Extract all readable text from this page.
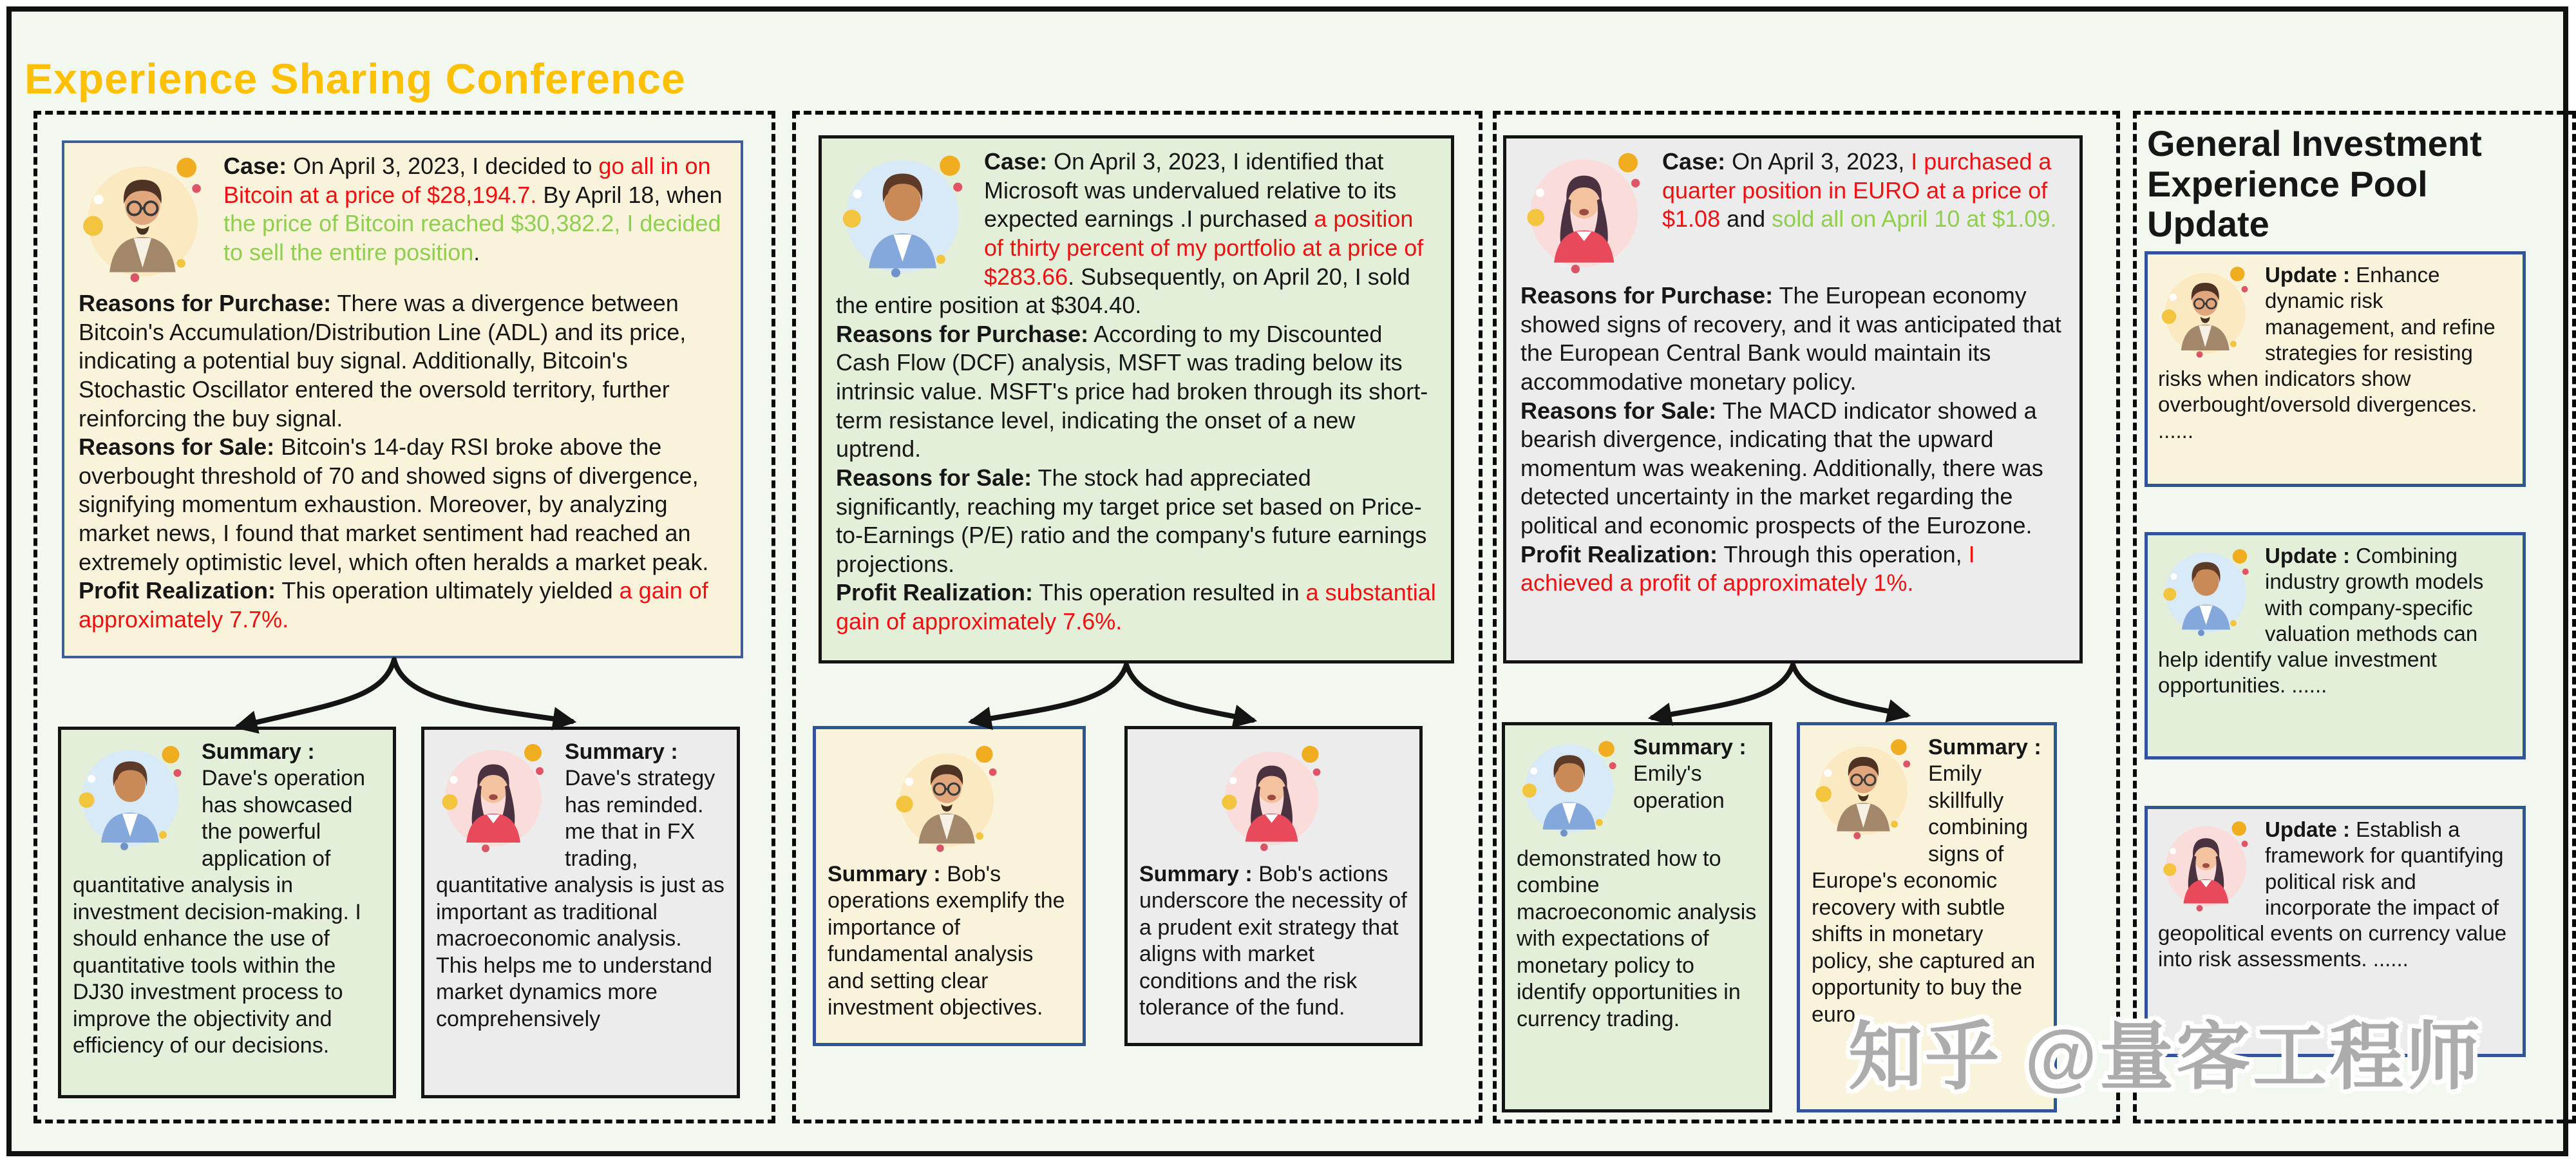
Experience Sharing Conference

Case: On April 3, 2023, I decided to go all in on Bitcoin at a price of $28,194.7. By April 18, when the price of Bitcoin reached $30,382.2, I decided to sell the entire position.

Reasons for Purchase: There was a divergence between Bitcoin's Accumulation/Distribution Line (ADL) and its price, indicating a potential buy signal. Additionally, Bitcoin's Stochastic Oscillator entered the oversold territory, further reinforcing the buy signal.

Reasons for Sale: Bitcoin's 14-day RSI broke above the overbought threshold of 70 and showed signs of divergence, signifying momentum exhaustion. Moreover, by analyzing market news, I found that market sentiment had reached an extremely optimistic level, which often heralds a market peak.

Profit Realization: This operation ultimately yielded a gain of approximately 7.7%.

Summary : Dave's operation has showcased the powerful application of quantitative analysis in investment decision-making. I should enhance the use of quantitative tools within the DJ30 investment process to improve the objectivity and efficiency of our decisions.

Summary : Dave's strategy has reminded. me that in FX trading, quantitative analysis is just as important as traditional macroeconomic analysis. This helps me to understand market dynamics more comprehensively

Case: On April 3, 2023, I identified that Microsoft was undervalued relative to its expected earnings .I purchased a position of thirty percent of my portfolio at a price of $283.66. Subsequently, on April 20, I sold the entire position at $304.40.

Reasons for Purchase: According to my Discounted Cash Flow (DCF) analysis, MSFT was trading below its intrinsic value. MSFT's price had broken through its short-term resistance level, indicating the onset of a new uptrend.

Reasons for Sale: The stock had appreciated significantly, reaching my target price set based on Price-to-Earnings (P/E) ratio and the company's future earnings projections.

Profit Realization: This operation resulted in a substantial gain of approximately 7.6%.

Summary : Bob's operations exemplify the importance of fundamental analysis and setting clear investment objectives.

Summary : Bob's actions underscore the necessity of a prudent exit strategy that aligns with market conditions and the risk tolerance of the fund.

Case: On April 3, 2023, I purchased a quarter position in EURO at a price of $1.08 and sold all on April 10 at $1.09.

Reasons for Purchase: The European economy showed signs of recovery, and it was anticipated that the European Central Bank would maintain its accommodative monetary policy.

Reasons for Sale: The MACD indicator showed a bearish divergence, indicating that the upward momentum was weakening. Additionally, there was detected uncertainty in the market regarding the political and economic prospects of the Eurozone.

Profit Realization: Through this operation, I achieved a profit of approximately 1%.

Summary : Emily's operation demonstrated how to combine macroeconomic analysis with expectations of monetary policy to identify opportunities in currency trading.

Summary : Emily skillfully combining signs of Europe's economic recovery with subtle shifts in monetary policy, she captured an opportunity to buy the euro

General Investment Experience Pool Update

Update : Enhance dynamic risk management, and refine strategies for resisting risks when indicators show overbought/oversold divergences. ......

Update : Combining industry growth models with company-specific valuation methods can help identify value investment opportunities. ......

Update : Establish a framework for quantifying political risk and incorporate the impact of geopolitical events on currency value into risk assessments. ......

知乎 @量客工程师
